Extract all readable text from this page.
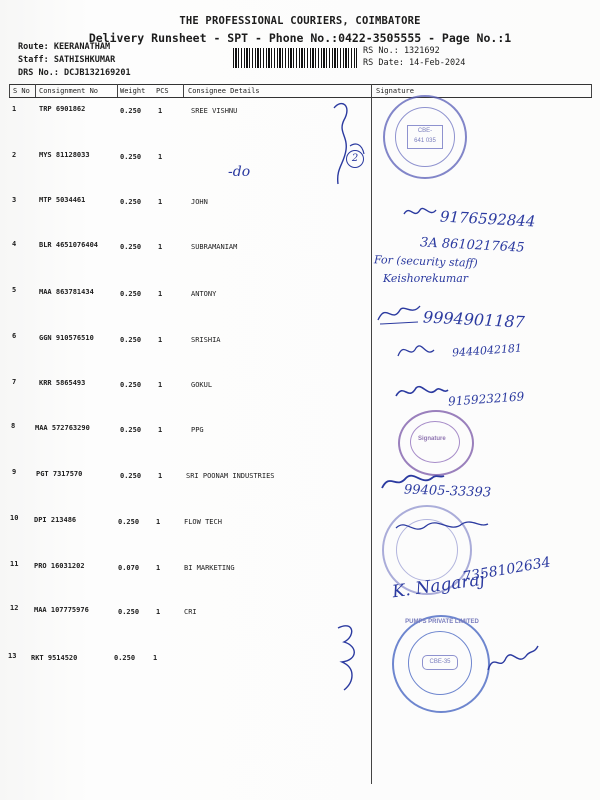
THE PROFESSIONAL COURIERS, COIMBATORE
Delivery Runsheet - SPT - Phone No.:0422-3505555 - Page No.:1
Route: KEERANATHAM
Staff: SATHISHKUMAR
DRS No.: DCJB132169201
RS No.: 1321692
RS Date: 14-Feb-2024
S No Consignment No	Weight PCS	Consignee Details	Signature
1	TRP 6901862	0.250 1	SREE VISHNU
2	MYS 81128033	0.250 1
3	MTP 5034461	0.250 1	JOHN
4	BLR 4651076404	0.250 1	SUBRAMANIAM
5	MAA 863781434	0.250 1	ANTONY
6	GGN 910576510	0.250 1	SRISHIA
7	KRR 5865493	0.250 1	GOKUL
8	MAA 572763290	0.250 1	PPG
9	PGT 7317570	0.250 1	SRI POONAM INDUSTRIES
10 DPI 213486	0.250 1	FLOW TECH
11 PRO 16031202	0.070 1	BI MARKETING
12 MAA 107775976	0.250 1	CRI
13 RKT 9514520	0.250	1
2
-do
CBE-
641 035
9176592844
3A 8610217645
For (security staff)
Keishorekumar
9994901187
9444042181
9159232169
Signature
99405-33393
K. Nagaraj
7358102634
CBE-35
PUMPS PRIVATE LIMITED
